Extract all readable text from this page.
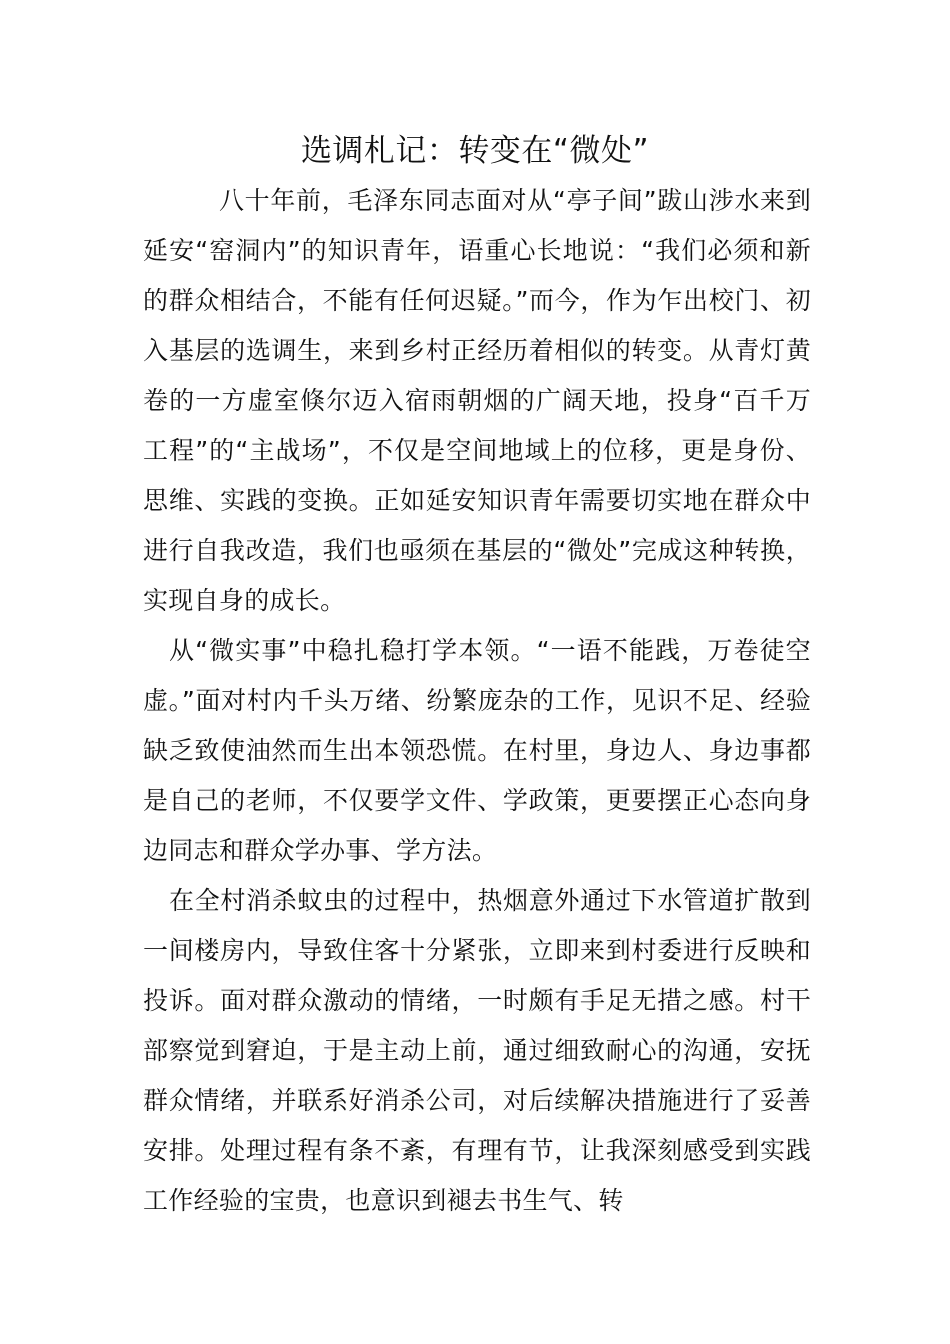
选调札记：转变在“微处”

八十年前，毛泽东同志面对从“亭子间”跋山涉水来到延安“窑洞内”的知识青年，语重心长地说：“我们必须和新的群众相结合，不能有任何迟疑。”而今，作为乍出校门、初入基层的选调生，来到乡村正经历着相似的转变。从青灯黄卷的一方虚室倏尔迈入宿雨朝烟的广阔天地，投身“百千万工程”的“主战场”，不仅是空间地域上的位移，更是身份、思维、实践的变换。正如延安知识青年需要切实地在群众中进行自我改造，我们也亟须在基层的“微处”完成这种转换，实现自身的成长。

从“微实事”中稳扎稳打学本领。“一语不能践，万卷徒空虚。”面对村内千头万绪、纷繁庞杂的工作，见识不足、经验缺乏致使油然而生出本领恐慌。在村里，身边人、身边事都是自己的老师，不仅要学文件、学政策，更要摆正心态向身边同志和群众学办事、学方法。

在全村消杀蚊虫的过程中，热烟意外通过下水管道扩散到一间楼房内，导致住客十分紧张，立即来到村委进行反映和投诉。面对群众激动的情绪，一时颇有手足无措之感。村干部察觉到窘迫，于是主动上前，通过细致耐心的沟通，安抚群众情绪，并联系好消杀公司，对后续解决措施进行了妥善安排。处理过程有条不紊，有理有节，让我深刻感受到实践工作经验的宝贵，也意识到褪去书生气、转
